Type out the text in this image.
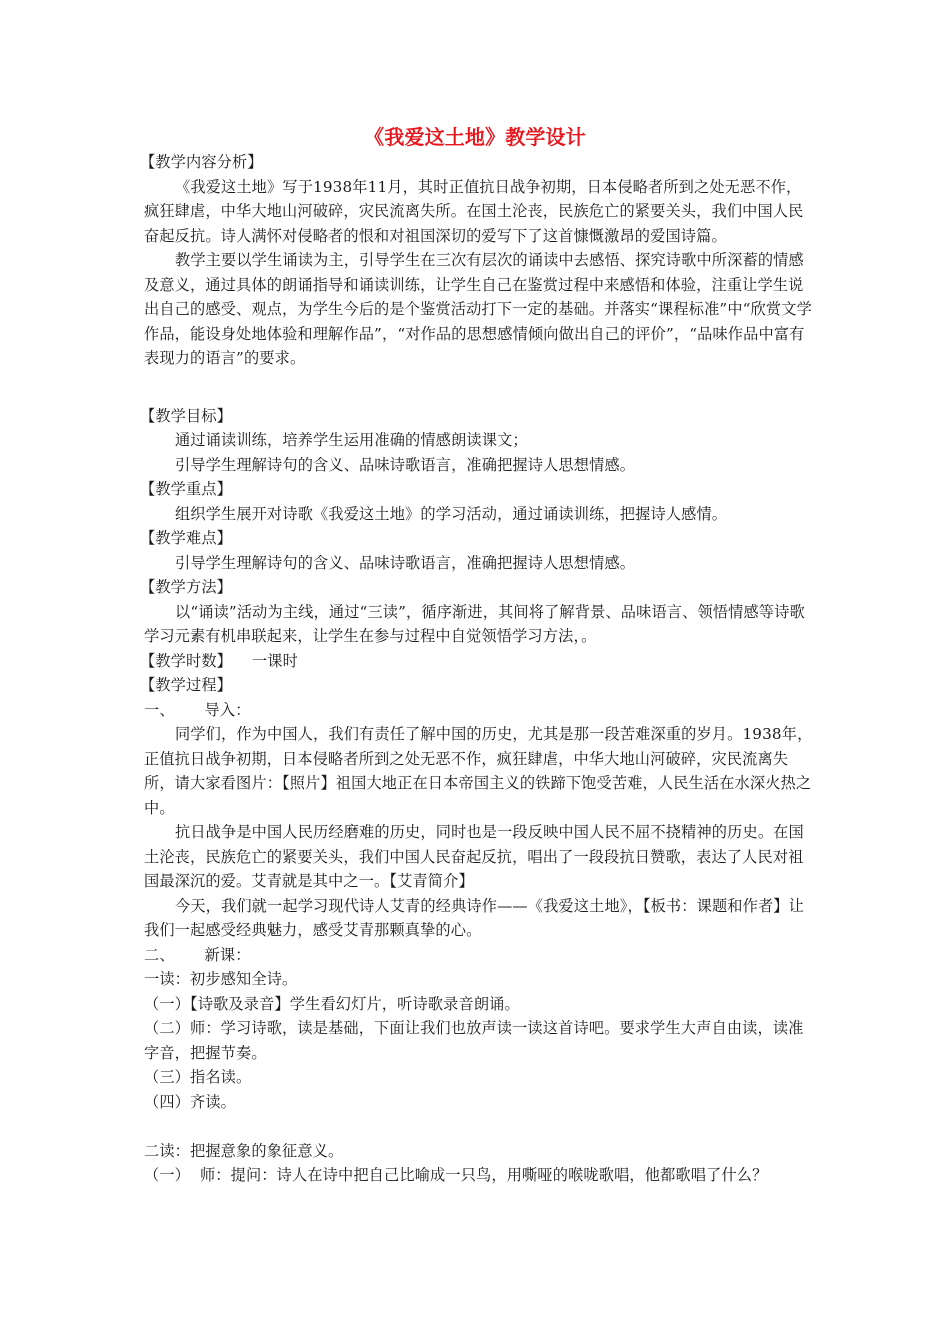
《我爱这土地》教学设计

【教学内容分析】

《我爱这土地》写于1938年11月，其时正值抗日战争初期，日本侵略者所到之处无恶不作，疯狂肆虐，中华大地山河破碎，灾民流离失所。在国土沦丧，民族危亡的紧要关头，我们中国人民奋起反抗。诗人满怀对侵略者的恨和对祖国深切的爱写下了这首慷慨激昂的爱国诗篇。

教学主要以学生诵读为主，引导学生在三次有层次的诵读中去感悟、探究诗歌中所深蓄的情感及意义，通过具体的朗诵指导和诵读训练，让学生自己在鉴赏过程中来感悟和体验，注重让学生说出自己的感受、观点，为学生今后的是个鉴赏活动打下一定的基础。并落实“课程标准”中“欣赏文学作品，能设身处地体验和理解作品”，“对作品的思想感情倾向做出自己的评价”，“品味作品中富有表现力的语言”的要求。

【教学目标】

通过诵读训练，培养学生运用准确的情感朗读课文；

引导学生理解诗句的含义、品味诗歌语言，准确把握诗人思想情感。

【教学重点】

组织学生展开对诗歌《我爱这土地》的学习活动，通过诵读训练，把握诗人感情。

【教学难点】

引导学生理解诗句的含义、品味诗歌语言，准确把握诗人思想情感。

【教学方法】

以“诵读”活动为主线，通过“三读”，循序渐进，其间将了解背景、品味语言、领悟情感等诗歌学习元素有机串联起来，让学生在参与过程中自觉领悟学习方法，。

【教学时数】    一课时

【教学过程】

一、      导入：

同学们，作为中国人，我们有责任了解中国的历史，尤其是那一段苦难深重的岁月。1938年，正值抗日战争初期，日本侵略者所到之处无恶不作，疯狂肆虐，中华大地山河破碎，灾民流离失所，请大家看图片：【照片】祖国大地正在日本帝国主义的铁蹄下饱受苦难，人民生活在水深火热之中。

抗日战争是中国人民历经磨难的历史，同时也是一段反映中国人民不屈不挠精神的历史。在国土沦丧，民族危亡的紧要关头，我们中国人民奋起反抗，唱出了一段段抗日赞歌，表达了人民对祖国最深沉的爱。艾青就是其中之一。【艾青简介】

今天，我们就一起学习现代诗人艾青的经典诗作——《我爱这土地》，【板书：课题和作者】让我们一起感受经典魅力，感受艾青那颗真挚的心。

二、      新课：

一读：初步感知全诗。

（一）【诗歌及录音】学生看幻灯片，听诗歌录音朗诵。

（二）师：学习诗歌，读是基础，下面让我们也放声读一读这首诗吧。要求学生大声自由读，读准字音，把握节奏。

（三）指名读。

（四）齐读。

二读：把握意象的象征意义。

（一）  师：提问：诗人在诗中把自己比喻成一只鸟，用嘶哑的喉咙歌唱，他都歌唱了什么？
